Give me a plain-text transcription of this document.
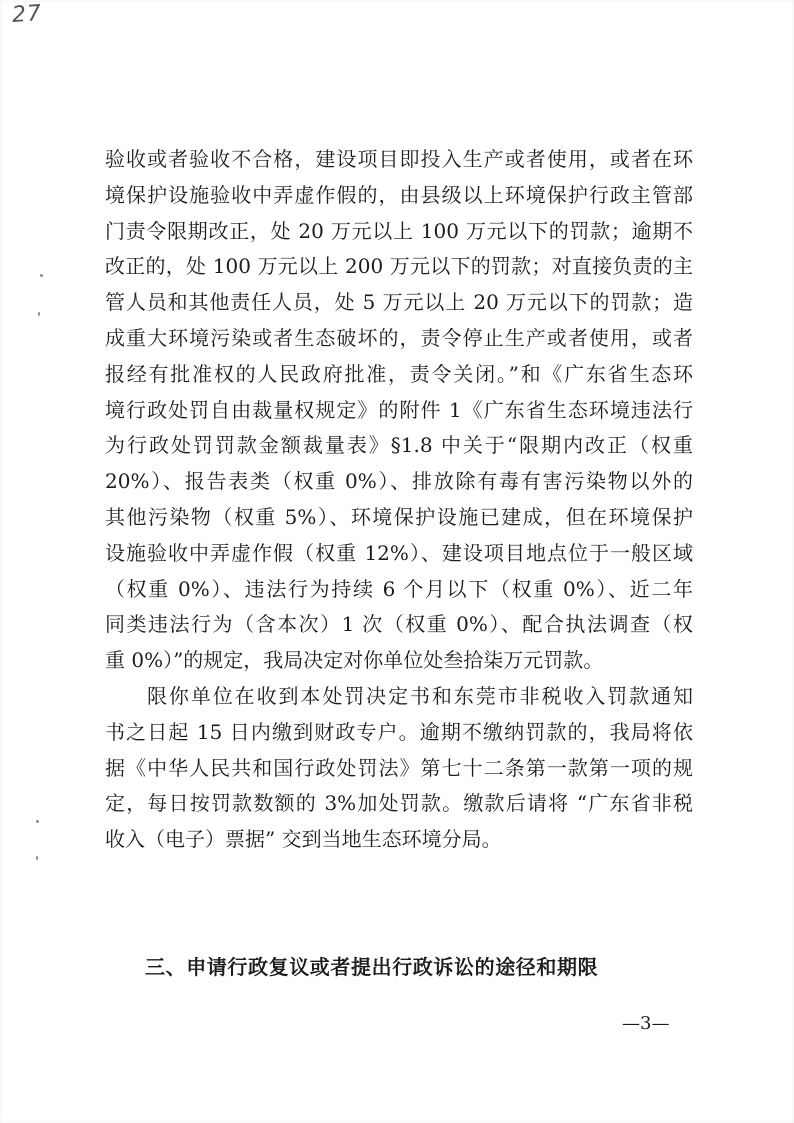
27
验收或者验收不合格，建设项目即投入生产或者使用，或者在环
境保护设施验收中弄虚作假的，由县级以上环境保护行政主管部
门责令限期改正，处 20 万元以上 100 万元以下的罚款；逾期不
改正的，处 100 万元以上 200 万元以下的罚款；对直接负责的主
管人员和其他责任人员，处 5 万元以上 20 万元以下的罚款；造
成重大环境污染或者生态破坏的，责令停止生产或者使用，或者
报经有批准权的人民政府批准，责令关闭。”和《广东省生态环
境行政处罚自由裁量权规定》的附件 1《广东省生态环境违法行
为行政处罚罚款金额裁量表》§1.8 中关于“限期内改正（权重
20%）、报告表类（权重 0%）、排放除有毒有害污染物以外的
其他污染物（权重 5%）、环境保护设施已建成，但在环境保护
设施验收中弄虚作假（权重 12%）、建设项目地点位于一般区域
（权重 0%）、违法行为持续 6 个月以下（权重 0%）、近二年
同类违法行为（含本次）1 次（权重 0%）、配合执法调查（权
重 0%）”的规定，我局决定对你单位处叁拾柒万元罚款。
限你单位在收到本处罚决定书和东莞市非税收入罚款通知
书之日起 15 日内缴到财政专户。逾期不缴纳罚款的，我局将依
据《中华人民共和国行政处罚法》第七十二条第一款第一项的规
定，每日按罚款数额的 3%加处罚款。缴款后请将 “广东省非税
收入（电子）票据” 交到当地生态环境分局。
三、申请行政复议或者提出行政诉讼的途径和期限
—3—
